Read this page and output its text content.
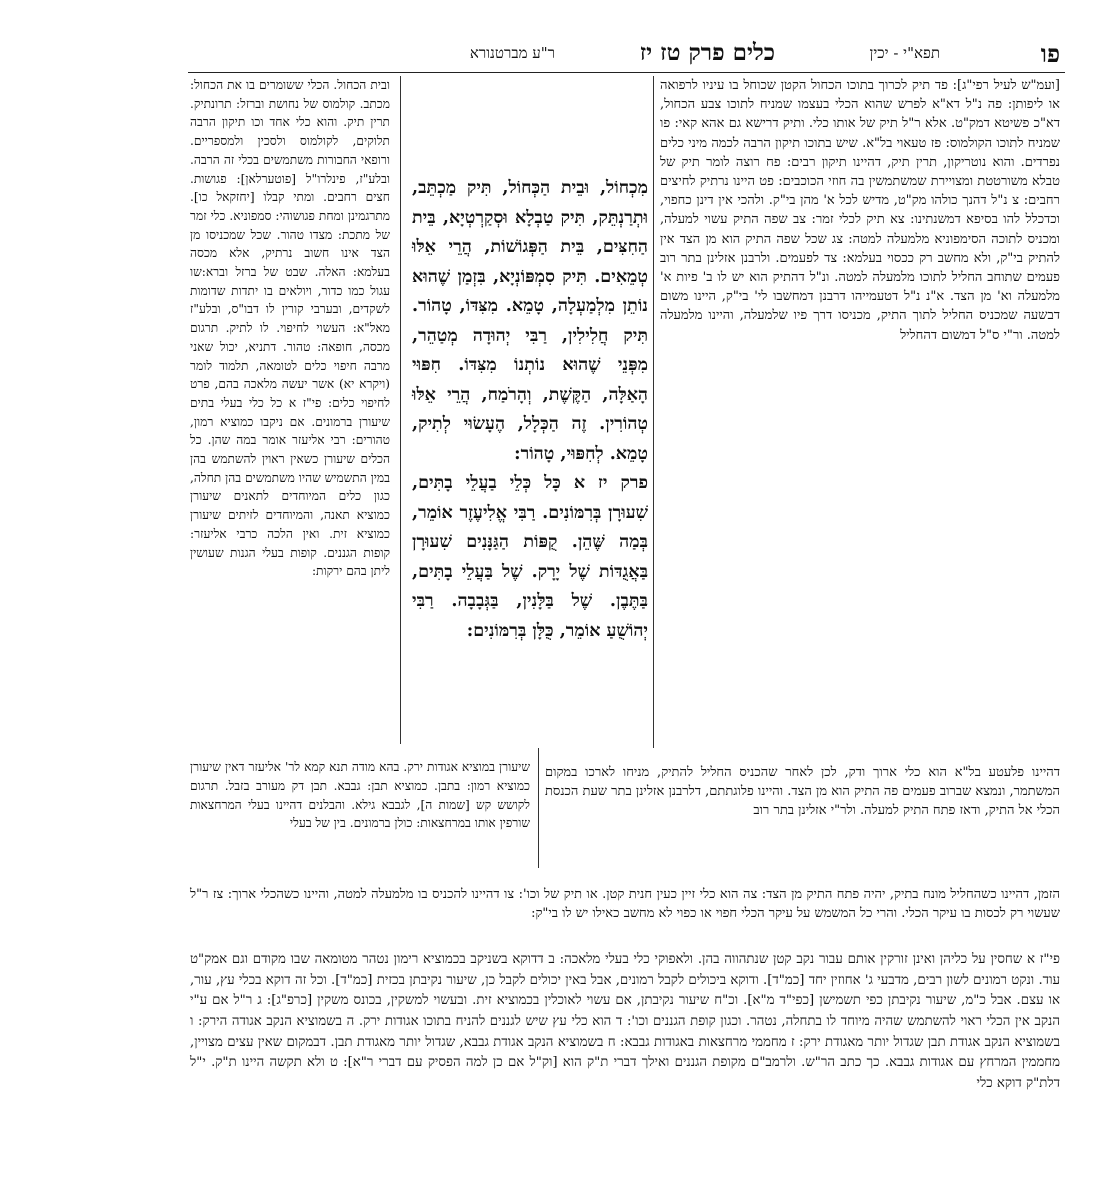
פו
תפא"י - יכין
כלים פרק טז יז
ר"ע מברטנורא

[ועמ"ש לעיל רפי"ג]: פד תיק לכרוך בתוכו הכחול הקטן שכוחל בו עיניו לרפואה או ליפותן: פה נ"ל דא"א לפרש שהוא הכלי בעצמו שמניח לתוכו צבע הכחול, דא"כ פשיטא דמק"ט. אלא ר"ל תיק של אותו כלי. ותיק דרישא גם אהא קאי: פו שמניח לתוכו הקולמוס: פז טעאוי בל"א. שיש בתוכו תיקון הרבה לכמה מיני כלים נפרדים. והוא נוטריקון, תרין תיק, דהיינו תיקון רבים: פח רוצה לומר תיק של טבלא משורטטת ומצויירת שמשתמשין בה חוזי הכוכבים: פט היינו נרתיק לחיצים רחבים: צ נ"ל דהנך כולהו מק"ט, מדיש לכל א' מהן בי"ק. ולהכי אין דינן כחפוי, וכדכלל להו בסיפא דמשנתינו: צא תיק לכלי זמר: צב שפה התיק עשוי למעלה, ומכניס לתוכה הסימפוניא מלמעלה למטה: צג שכל שפה התיק הוא מן הצד אין להתיק בי"ק, ולא מחשב רק ככסוי בעלמא: צד לפעמים. ולרבנן אזלינן בתר רוב פעמים שתוחב החליל לתוכו מלמעלה למטה. ונ"ל דהתיק הוא יש לו ב' פיות א' מלמעלה וא' מן הצד. א"נ נ"ל דטעמייהו דרבנן דמחשבו לי' בי"ק, היינו משום דבשעה שמכניס החליל לתוך התיק, מכניסו דרך פיו שלמעלה, והיינו מלמעלה למטה. ור"י ס"ל דמשום דהחליל

מִכְחוֹל, וּבֵית הַכְּחוֹל, תִּיק מַכְתֵּב, וּתְרַנְתֵּק, תִּיק טַבְלָא וּסְקַרְטְיָא, בֵּית הַחִצִּים, בֵּית הַפְּגוֹשׁוֹת, הֲרֵי אֵלּוּ טְמֵאִים. תִּיק סִמְפּוֹנְיָא, בִּזְמַן שֶׁהוּא נוֹתֵן מִלְמַעְלָה, טָמֵא. מִצִּדּוֹ, טָהוֹר. תִּיק חֲלִילִין, רַבִּי יְהוּדָה מְטַהֵר, מִפְּנֵי שֶׁהוּא נוֹתְנוֹ מִצִּדּוֹ. חִפּוּי הָאַלָּה, הַקֶּשֶׁת, וְהָרֹמַח, הֲרֵי אֵלּוּ טְהוֹרִין. זֶה הַכְּלָל, הֶעָשׂוּי לְתִיק, טָמֵא. לְחִפּוּי, טָהוֹר:

פרק יז א כָּל כְּלֵי בַעֲלֵי בָתִּים, שִׁעוּרָן בְּרִמּוֹנִים. רַבִּי אֱלִיעֶזֶר אוֹמֵר, בְּמַה שֶּׁהֵן. קֻפּוֹת הַגַּנָּנִים שִׁעוּרָן בַּאֲגֻדּוֹת שֶׁל יָרָק. שֶׁל בַּעֲלֵי בָתִּים, בַּתֶּבֶן. שֶׁל בַּלָּנִין, בַּגְּבָבָה. רַבִּי יְהוֹשֻׁעַ אוֹמֵר, כֻּלָּן בְּרִמּוֹנִים:

ובית הכחול. הכלי ששומרים בו את הכחול: מכתב. קולמוס של נחושת וברזל: תרונתיק. תרין תיק. והוא כלי אחד וכו תיקון הרבה תלוקים, לקולמוס ולסכין ולמספריים. ורופאי החבורות משתמשים בכלי זה הרבה. ובלע"ז, פינלרו"ל [פוטערלאן]: פגושות. חצים רחבים. ומתי קבלו [יחזקאל כו]. מתרגמינן ומחת פגושוהי: סמפוניא. כלי זמר של מתכת: מצדו טהור. שכל שמכניסו מן הצד אינו חשוב נרתיק, אלא מכסה בעלמא: האלה. שבט של ברזל וברא:שו עגול כמו כדור, ויולאים בו יתדות שדומות לשקדים, ובערבי קורין לו דבו"ס, ובלע"ז מאל"א: העשוי לחיפוי. לו לתיק. תרגום מכסה, חופאה: טהור. דתניא, יכול שאני מרבה חיפוי כלים לטומאה, תלמוד לומר (ויקרא יא) אשר יעשה מלאכה בהם, פרט לחיפוי כלים: פי"ז א כל כלי בעלי בתים שיעורן ברמונים. אם ניקבו כמוציא רמון, טהורים: רבי אליעזר אומר במה שהן. כל הכלים שיעורן כשאין ראוין להשתמש בהן במין התשמיש שהיו משתמשים בהן תחלה, כגון כלים המיוחדים לתאנים שיעורן כמוציא תאנה, והמיוחדים לזיתים שיעורן כמוציא זית. ואין הלכה כרבי אליעזר: קופות הגננים. קופות בעלי הגנות שעושין ליתן בהם ירקות:

דהיינו פלעטע בל"א הוא כלי ארוך ודק, לכן לאחר שהכניס החליל להתיק, מניחו לארכו במקום המשתמר, ונמצא שברוב פעמים פה התיק הוא מן הצד. והיינו פלוגתתם, דלרבנן אזלינן בתר שעת הכנסת הכלי אל התיק, ודאז פתח התיק למעלה. ולר"י אזלינן בתר רוב

שיעורן במוציא אגודות ירק. בהא מודה תנא קמא לר' אליעזר דאין שיעורן כמוציא רמון: בתבן. כמוציא תבן: גבבא. תבן דק מעורב בזבל. תרגום לקושש קש [שמות ה], לגבבא גילא. והבלנים דהיינו בעלי המרחצאות שורפין אותו במרחצאות: כולן ברמונים. בין של בעלי

הזמן, דהיינו כשהחליל מונח בתיק, יהיה פתח התיק מן הצד: צה הוא כלי זיין כעין חנית קטן. או תיק של וכו': צו דהיינו להכניס בו מלמעלה למטה, והיינו כשהכלי ארוך: צז ר"ל שעשוי רק לכסות בו עיקר הכלי. והרי כל המשמש על עיקר הכלי חפוי או כפוי לא מחשב כאילו יש לו בי"ק:

פי"ז א שחסין על כליהן ואינן זורקין אותם עבור נקב קטן שנתהווה בהן. ולאפוקי כלי בעלי מלאכה: ב דדוקא בשניקב בכמוציא רימון נטהר מטומאה שבו מקודם וגם אמק"ט עוד. ונקט רמונים לשון רבים, מדבעי ג' אחוזין יחד [כמ"ד]. ודוקא ביכולים לקבל רמונים, אבל באין יכולים לקבל כן, שיעור נקיבתן בכזית [כמ"ד]. וכל זה דוקא בכלי עץ, עור, או עצם. אבל כ"מ, שיעור נקיבתן כפי תשמישן [כפי"ד מ"א]. וכ"ח שיעור נקיבתן, אם עשוי לאוכלין בכמוציא זית. ובעשוי למשקין, בכונס משקין [כרפ"ג]: ג ר"ל אם ע"י הנקב אין הכלי ראוי להשתמש שהיה מיוחד לו בתחלה, נטהר. וכגון קופת הגננים וכו': ד הוא כלי עץ שיש לגננים להניח בתוכו אגודות ירק. ה בשמוציא הנקב אגודה הירק: ו בשמוציא הנקב אגודת תבן שגדול יותר מאגודת ירק: ז מחממי מרחצאות באגודות גבבא: ח בשמוציא הנקב אגודת גבבא, שגדול יותר מאגודת תבן. דבמקום שאין עצים מצויין, מחממין המרחץ עם אגודות גבבא. כך כתב הר"ש. ולרמב"ם מקופת הגננים ואילך דברי ת"ק הוא [וק"ל אם כן למה הפסיק עם דברי ר"א]: ט ולא תקשה היינו ת"ק. י"ל דלת"ק דוקא כלי
